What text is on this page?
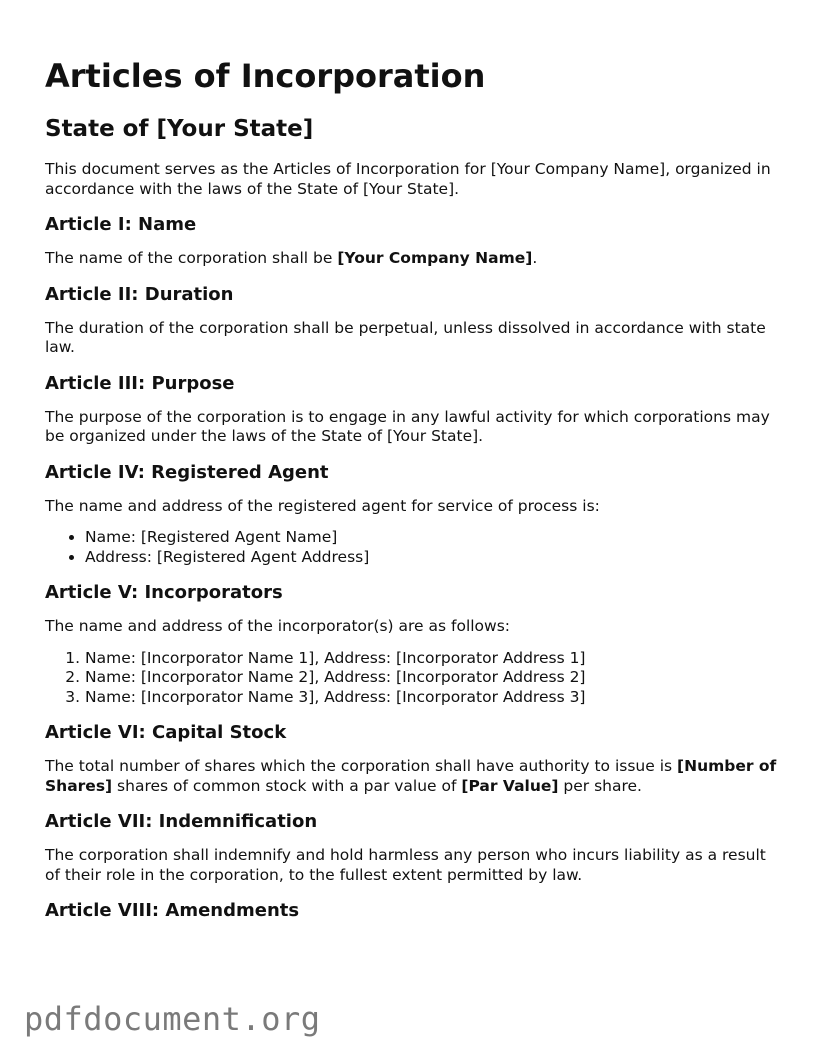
Articles of Incorporation
State of [Your State]

This document serves as the Articles of Incorporation for [Your Company Name], organized in accordance with the laws of the State of [Your State].

Article I: Name

The name of the corporation shall be [Your Company Name].

Article II: Duration

The duration of the corporation shall be perpetual, unless dissolved in accordance with state law.

Article III: Purpose

The purpose of the corporation is to engage in any lawful activity for which corporations may be organized under the laws of the State of [Your State].

Article IV: Registered Agent

The name and address of the registered agent for service of process is:

• Name: [Registered Agent Name]
• Address: [Registered Agent Address]
Article V: Incorporators

The name and address of the incorporator(s) are as follows:

1. Name: [Incorporator Name 1], Address: [Incorporator Address 1]
2. Name: [Incorporator Name 2], Address: [Incorporator Address 2]
3. Name: [Incorporator Name 3], Address: [Incorporator Address 3]
Article VI: Capital Stock

The total number of shares which the corporation shall have authority to issue is [Number of Shares] shares of common stock with a par value of [Par Value] per share.

Article VII: Indemnification

The corporation shall indemnify and hold harmless any person who incurs liability as a result of their role in the corporation, to the fullest extent permitted by law.

Article VIII: Amendments
pdfdocument.org
